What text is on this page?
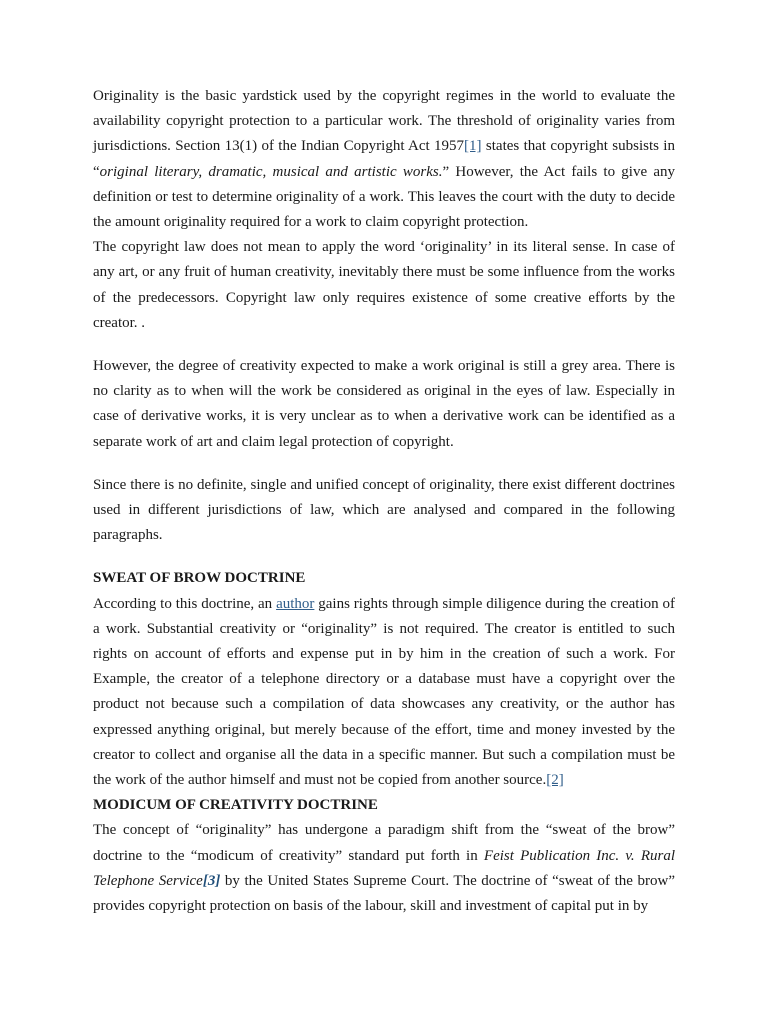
Originality is the basic yardstick used by the copyright regimes in the world to evaluate the availability copyright protection to a particular work. The threshold of originality varies from jurisdictions. Section 13(1) of the Indian Copyright Act 1957[1] states that copyright subsists in “original literary, dramatic, musical and artistic works.” However, the Act fails to give any definition or test to determine originality of a work. This leaves the court with the duty to decide the amount originality required for a work to claim copyright protection.

The copyright law does not mean to apply the word ‘originality’ in its literal sense. In case of any art, or any fruit of human creativity, inevitably there must be some influence from the works of the predecessors. Copyright law only requires existence of some creative efforts by the creator. .

However, the degree of creativity expected to make a work original is still a grey area. There is no clarity as to when will the work be considered as original in the eyes of law. Especially in case of derivative works, it is very unclear as to when a derivative work can be identified as a separate work of art and claim legal protection of copyright.

Since there is no definite, single and unified concept of originality, there exist different doctrines used in different jurisdictions of law, which are analysed and compared in the following paragraphs.

SWEAT OF BROW DOCTRINE

According to this doctrine, an author gains rights through simple diligence during the creation of a work. Substantial creativity or “originality” is not required. The creator is entitled to such rights on account of efforts and expense put in by him in the creation of such a work. For Example, the creator of a telephone directory or a database must have a copyright over the product not because such a compilation of data showcases any creativity, or the author has expressed anything original, but merely because of the effort, time and money invested by the creator to collect and organise all the data in a specific manner. But such a compilation must be the work of the author himself and must not be copied from another source.[2]

MODICUM OF CREATIVITY DOCTRINE

The concept of “originality” has undergone a paradigm shift from the “sweat of the brow” doctrine to the “modicum of creativity” standard put forth in Feist Publication Inc. v. Rural Telephone Service[3] by the United States Supreme Court. The doctrine of “sweat of the brow” provides copyright protection on basis of the labour, skill and investment of capital put in by
